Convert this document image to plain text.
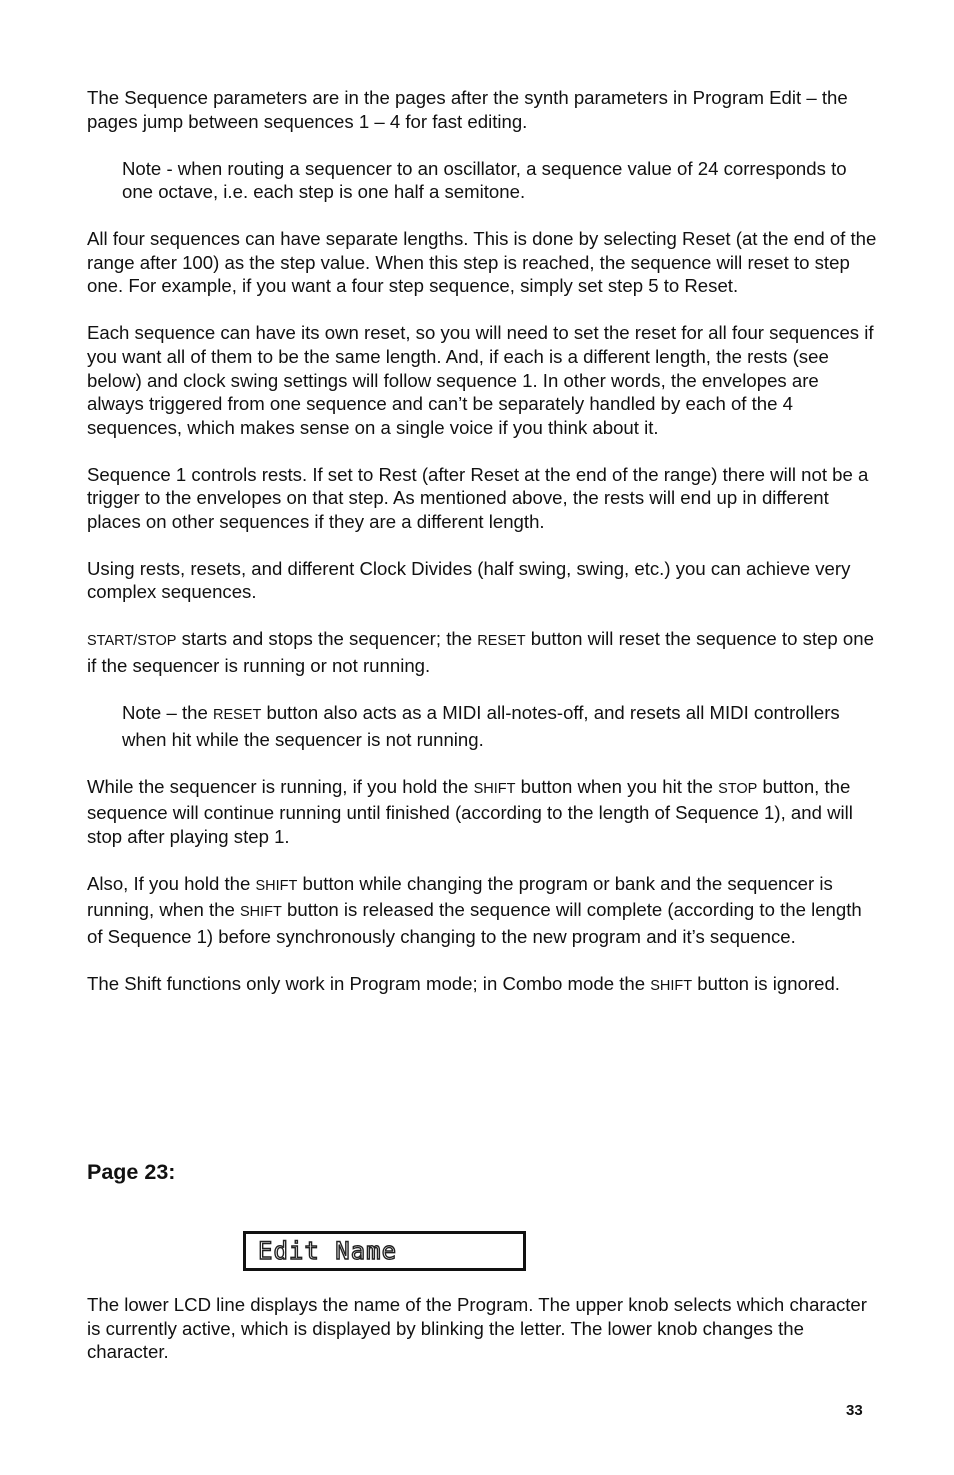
The Sequence parameters are in the pages after the synth parameters in Program Edit – the pages jump between sequences 1 – 4 for fast editing.

Note - when routing a sequencer to an oscillator, a sequence value of 24 corresponds to one octave, i.e. each step is one half a semitone.

All four sequences can have separate lengths. This is done by selecting Reset (at the end of the range after 100) as the step value. When this step is reached, the sequence will reset to step one. For example, if you want a four step sequence, simply set step 5 to Reset.

Each sequence can have its own reset, so you will need to set the reset for all four sequences if you want all of them to be the same length. And, if each is a different length, the rests (see below) and clock swing settings will follow sequence 1. In other words, the envelopes are always triggered from one sequence and can’t be separately handled by each of the 4 sequences, which makes sense on a single voice if you think about it.

Sequence 1 controls rests. If set to Rest (after Reset at the end of the range) there will not be a trigger to the envelopes on that step. As mentioned above, the rests will end up in different places on other sequences if they are a different length.

Using rests, resets, and different Clock Divides (half swing, swing, etc.) you can achieve very complex sequences.

START/STOP starts and stops the sequencer; the RESET button will reset the sequence to step one if the sequencer is running or not running.

Note – the RESET button also acts as a MIDI all-notes-off, and resets all MIDI controllers when hit while the sequencer is not running.

While the sequencer is running, if you hold the SHIFT button when you hit the STOP button, the sequence will continue running until finished (according to the length of Sequence 1), and will stop after playing step 1.

Also, If you hold the SHIFT button while changing the program or bank and the sequencer is running, when the SHIFT button is released the sequence will complete (according to the length of Sequence 1) before synchronously changing to the new program and it’s sequence.

The Shift functions only work in Program mode; in Combo mode the SHIFT button is ignored.

Page 23:
Edit Name

The lower LCD line displays the name of the Program. The upper knob selects which character is currently active, which is displayed by blinking the letter. The lower knob changes the character.

33
